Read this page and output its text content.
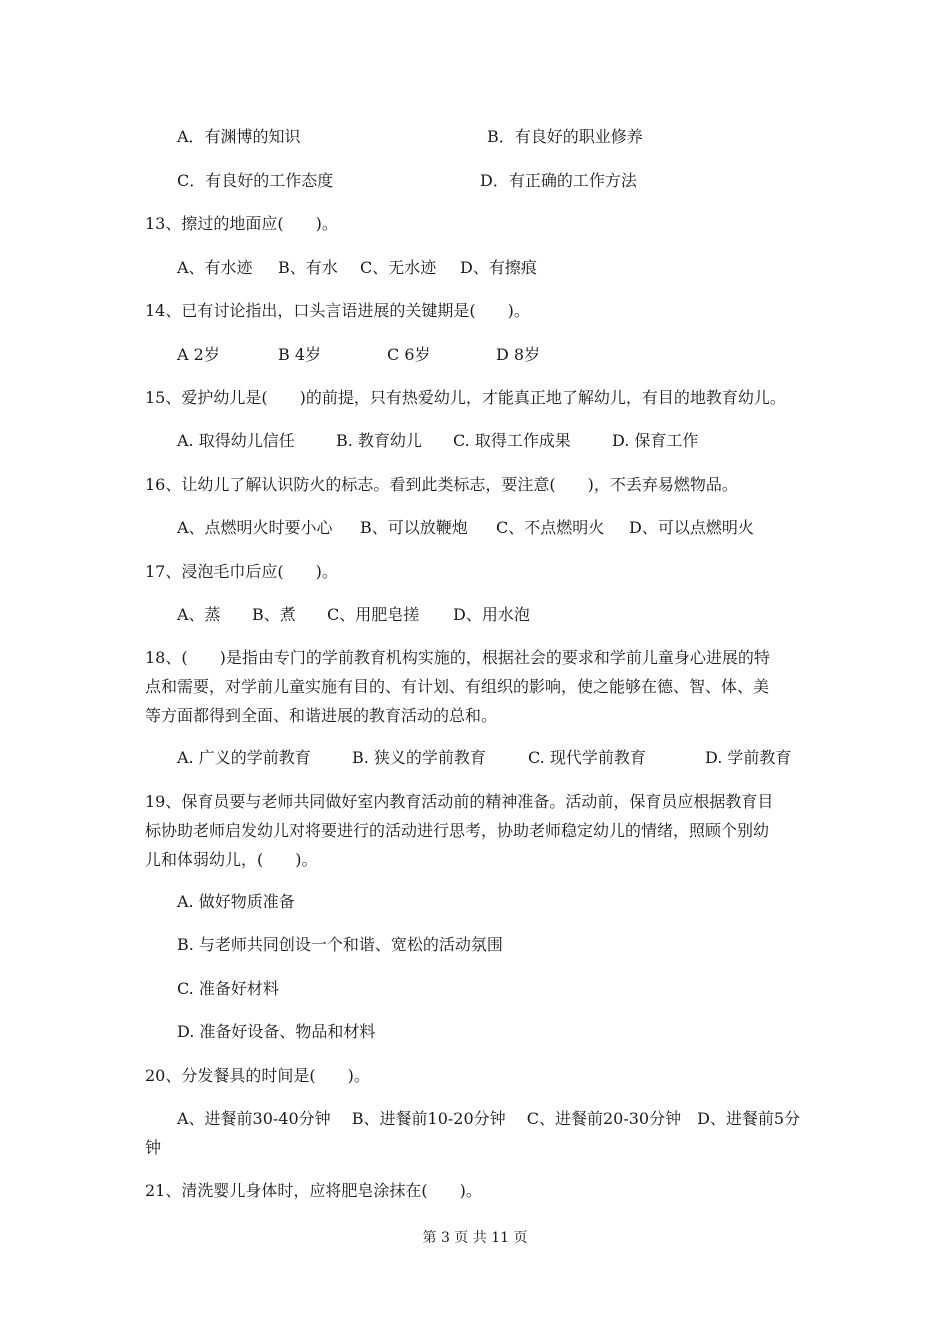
A．有渊博的知识	B．有良好的职业修养
C．有良好的工作态度	D．有正确的工作方法
13、擦过的地面应(　　)。
A、有水迹 B、有水 C、无水迹 D、有擦痕
14、已有讨论指出，口头言语进展的关键期是(　　)。
A 2岁	B 4岁	C 6岁	D 8岁
15、爱护幼儿是(　　)的前提，只有热爱幼儿，才能真正地了解幼儿，有目的地教育幼儿。
A. 取得幼儿信任	B. 教育幼儿 C. 取得工作成果	D. 保育工作
16、让幼儿了解认识防火的标志。看到此类标志，要注意(　　)，不丢弃易燃物品。
A、点燃明火时要小心 B、可以放鞭炮 C、不点燃明火 D、可以点燃明火
17、浸泡毛巾后应(　　)。
A、蒸 B、煮 C、用肥皂搓 D、用水泡
18、(　　)是指由专门的学前教育机构实施的，根据社会的要求和学前儿童身心进展的特
点和需要，对学前儿童实施有目的、有计划、有组织的影响，使之能够在德、智、体、美
等方面都得到全面、和谐进展的教育活动的总和。
A. 广义的学前教育	B. 狭义的学前教育	C. 现代学前教育	D. 学前教育
19、保育员要与老师共同做好室内教育活动前的精神准备。活动前，保育员应根据教育目
标协助老师启发幼儿对将要进行的活动进行思考，协助老师稳定幼儿的情绪，照顾个别幼
儿和体弱幼儿，(　　)。
A. 做好物质准备
B. 与老师共同创设一个和谐、宽松的活动氛围
C. 准备好材料
D. 准备好设备、物品和材料
20、分发餐具的时间是(　　)。
A、进餐前30-40分钟　 B、进餐前10-20分钟　 C、进餐前20-30分钟　D、进餐前5分
钟
21、清洗婴儿身体时，应将肥皂涂抹在(　　)。
第 3 页 共 11 页
